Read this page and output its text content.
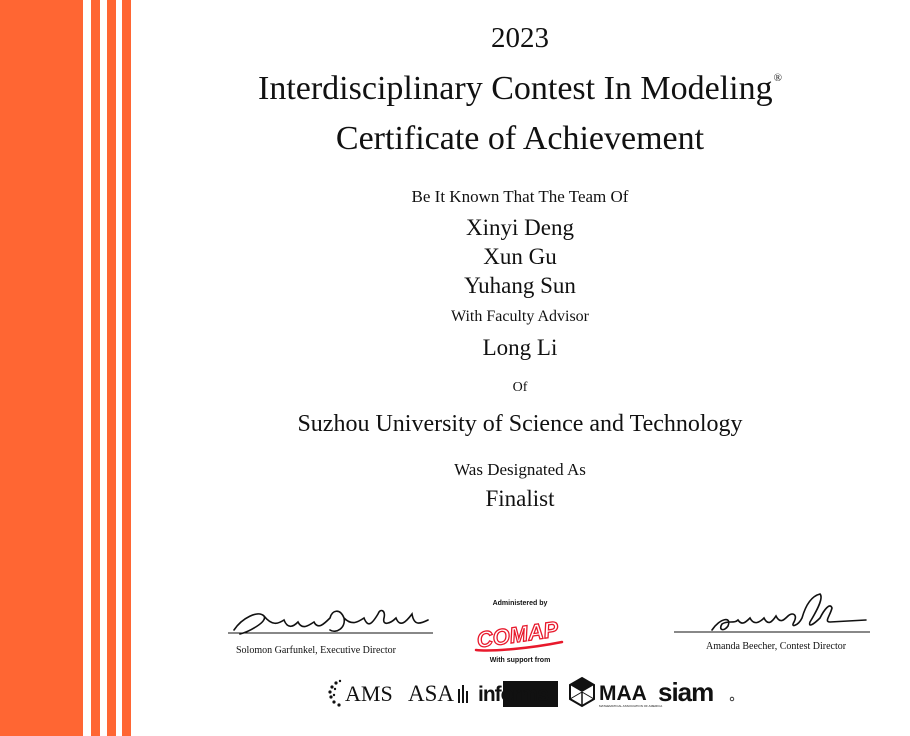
2023
Interdisciplinary Contest In Modeling®
Certificate of Achievement
Be It Known That The Team Of
Xinyi Deng
Xun Gu
Yuhang Sun
With Faculty Advisor
Long Li
Of
Suzhou University of Science and Technology
Was Designated As
Finalist
Solomon Garfunkel, Executive Director
Administered by
COMAP
With support from
Amanda Beecher, Contest Director
AMS ASA informs MAA
MATHEMATICAL ASSOCIATION OF AMERICA
siam
